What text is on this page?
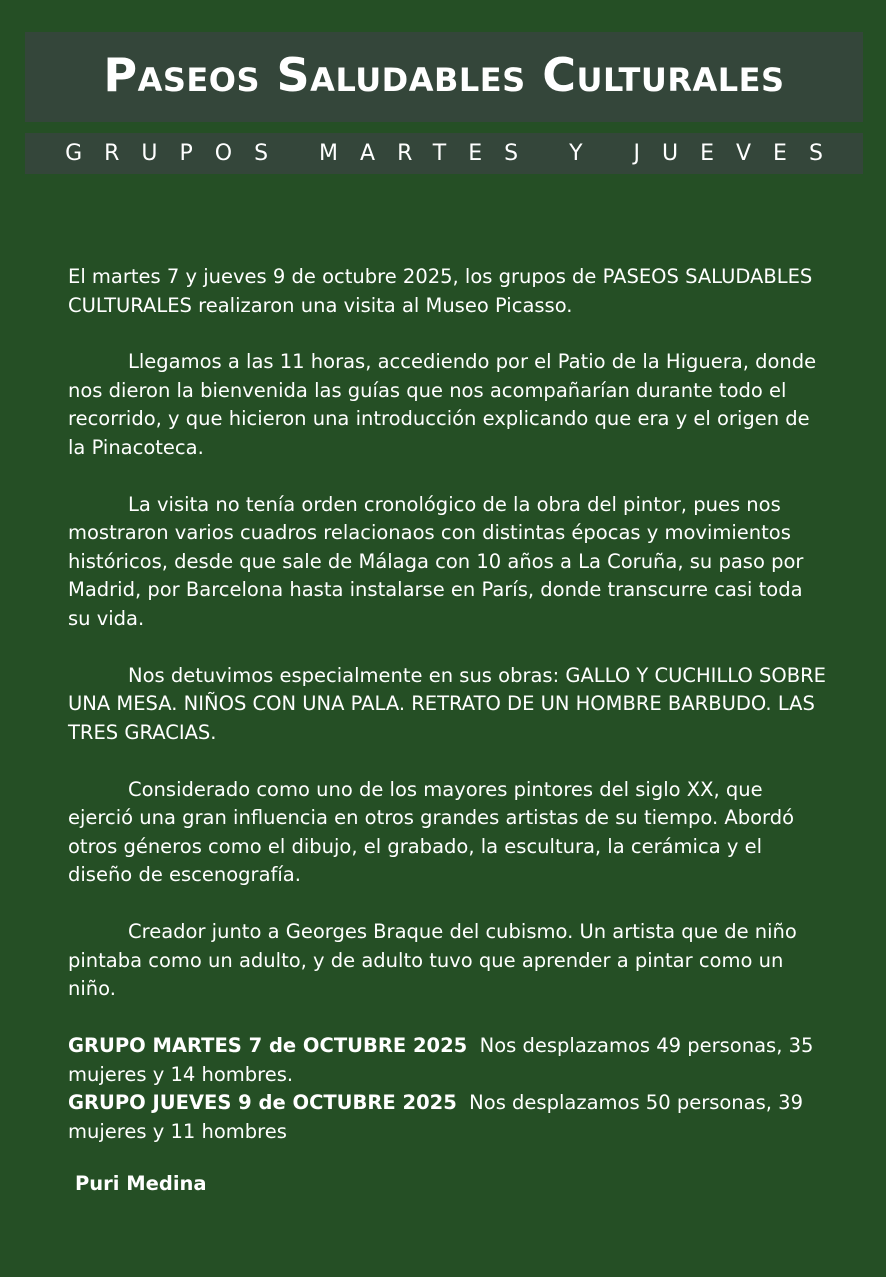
Paseos Saludables Culturales
GRUPOS MARTES Y JUEVES

El martes 7 y jueves 9 de octubre 2025, los grupos de PASEOS SALUDABLES CULTURALES realizaron una visita al Museo Picasso.

Llegamos a las 11 horas, accediendo por el Patio de la Higuera, donde nos dieron la bienvenida las guías que nos acompañarían durante todo el recorrido, y que hicieron una introducción explicando que era y el origen de la Pinacoteca.

La visita no tenía orden cronológico de la obra del pintor, pues nos mostraron varios cuadros relacionaos con distintas épocas y movimientos históricos, desde que sale de Málaga con 10 años a La Coruña, su paso por Madrid, por Barcelona hasta instalarse en París, donde transcurre casi toda su vida.

Nos detuvimos especialmente en sus obras: GALLO Y CUCHILLO SOBRE UNA MESA. NIÑOS CON UNA PALA. RETRATO DE UN HOMBRE BARBUDO. LAS TRES GRACIAS.

Considerado como uno de los mayores pintores del siglo XX, que ejerció una gran influencia en otros grandes artistas de su tiempo. Abordó otros géneros como el dibujo, el grabado, la escultura, la cerámica y el diseño de escenografía.

Creador junto a Georges Braque del cubismo. Un artista que de niño pintaba como un adulto, y de adulto tuvo que aprender a pintar como un niño.

GRUPO MARTES 7 de OCTUBRE 2025  Nos desplazamos 49 personas, 35 mujeres y 14 hombres.
GRUPO JUEVES 9 de OCTUBRE 2025  Nos desplazamos 50 personas, 39 mujeres y 11 hombres
Puri Medina
